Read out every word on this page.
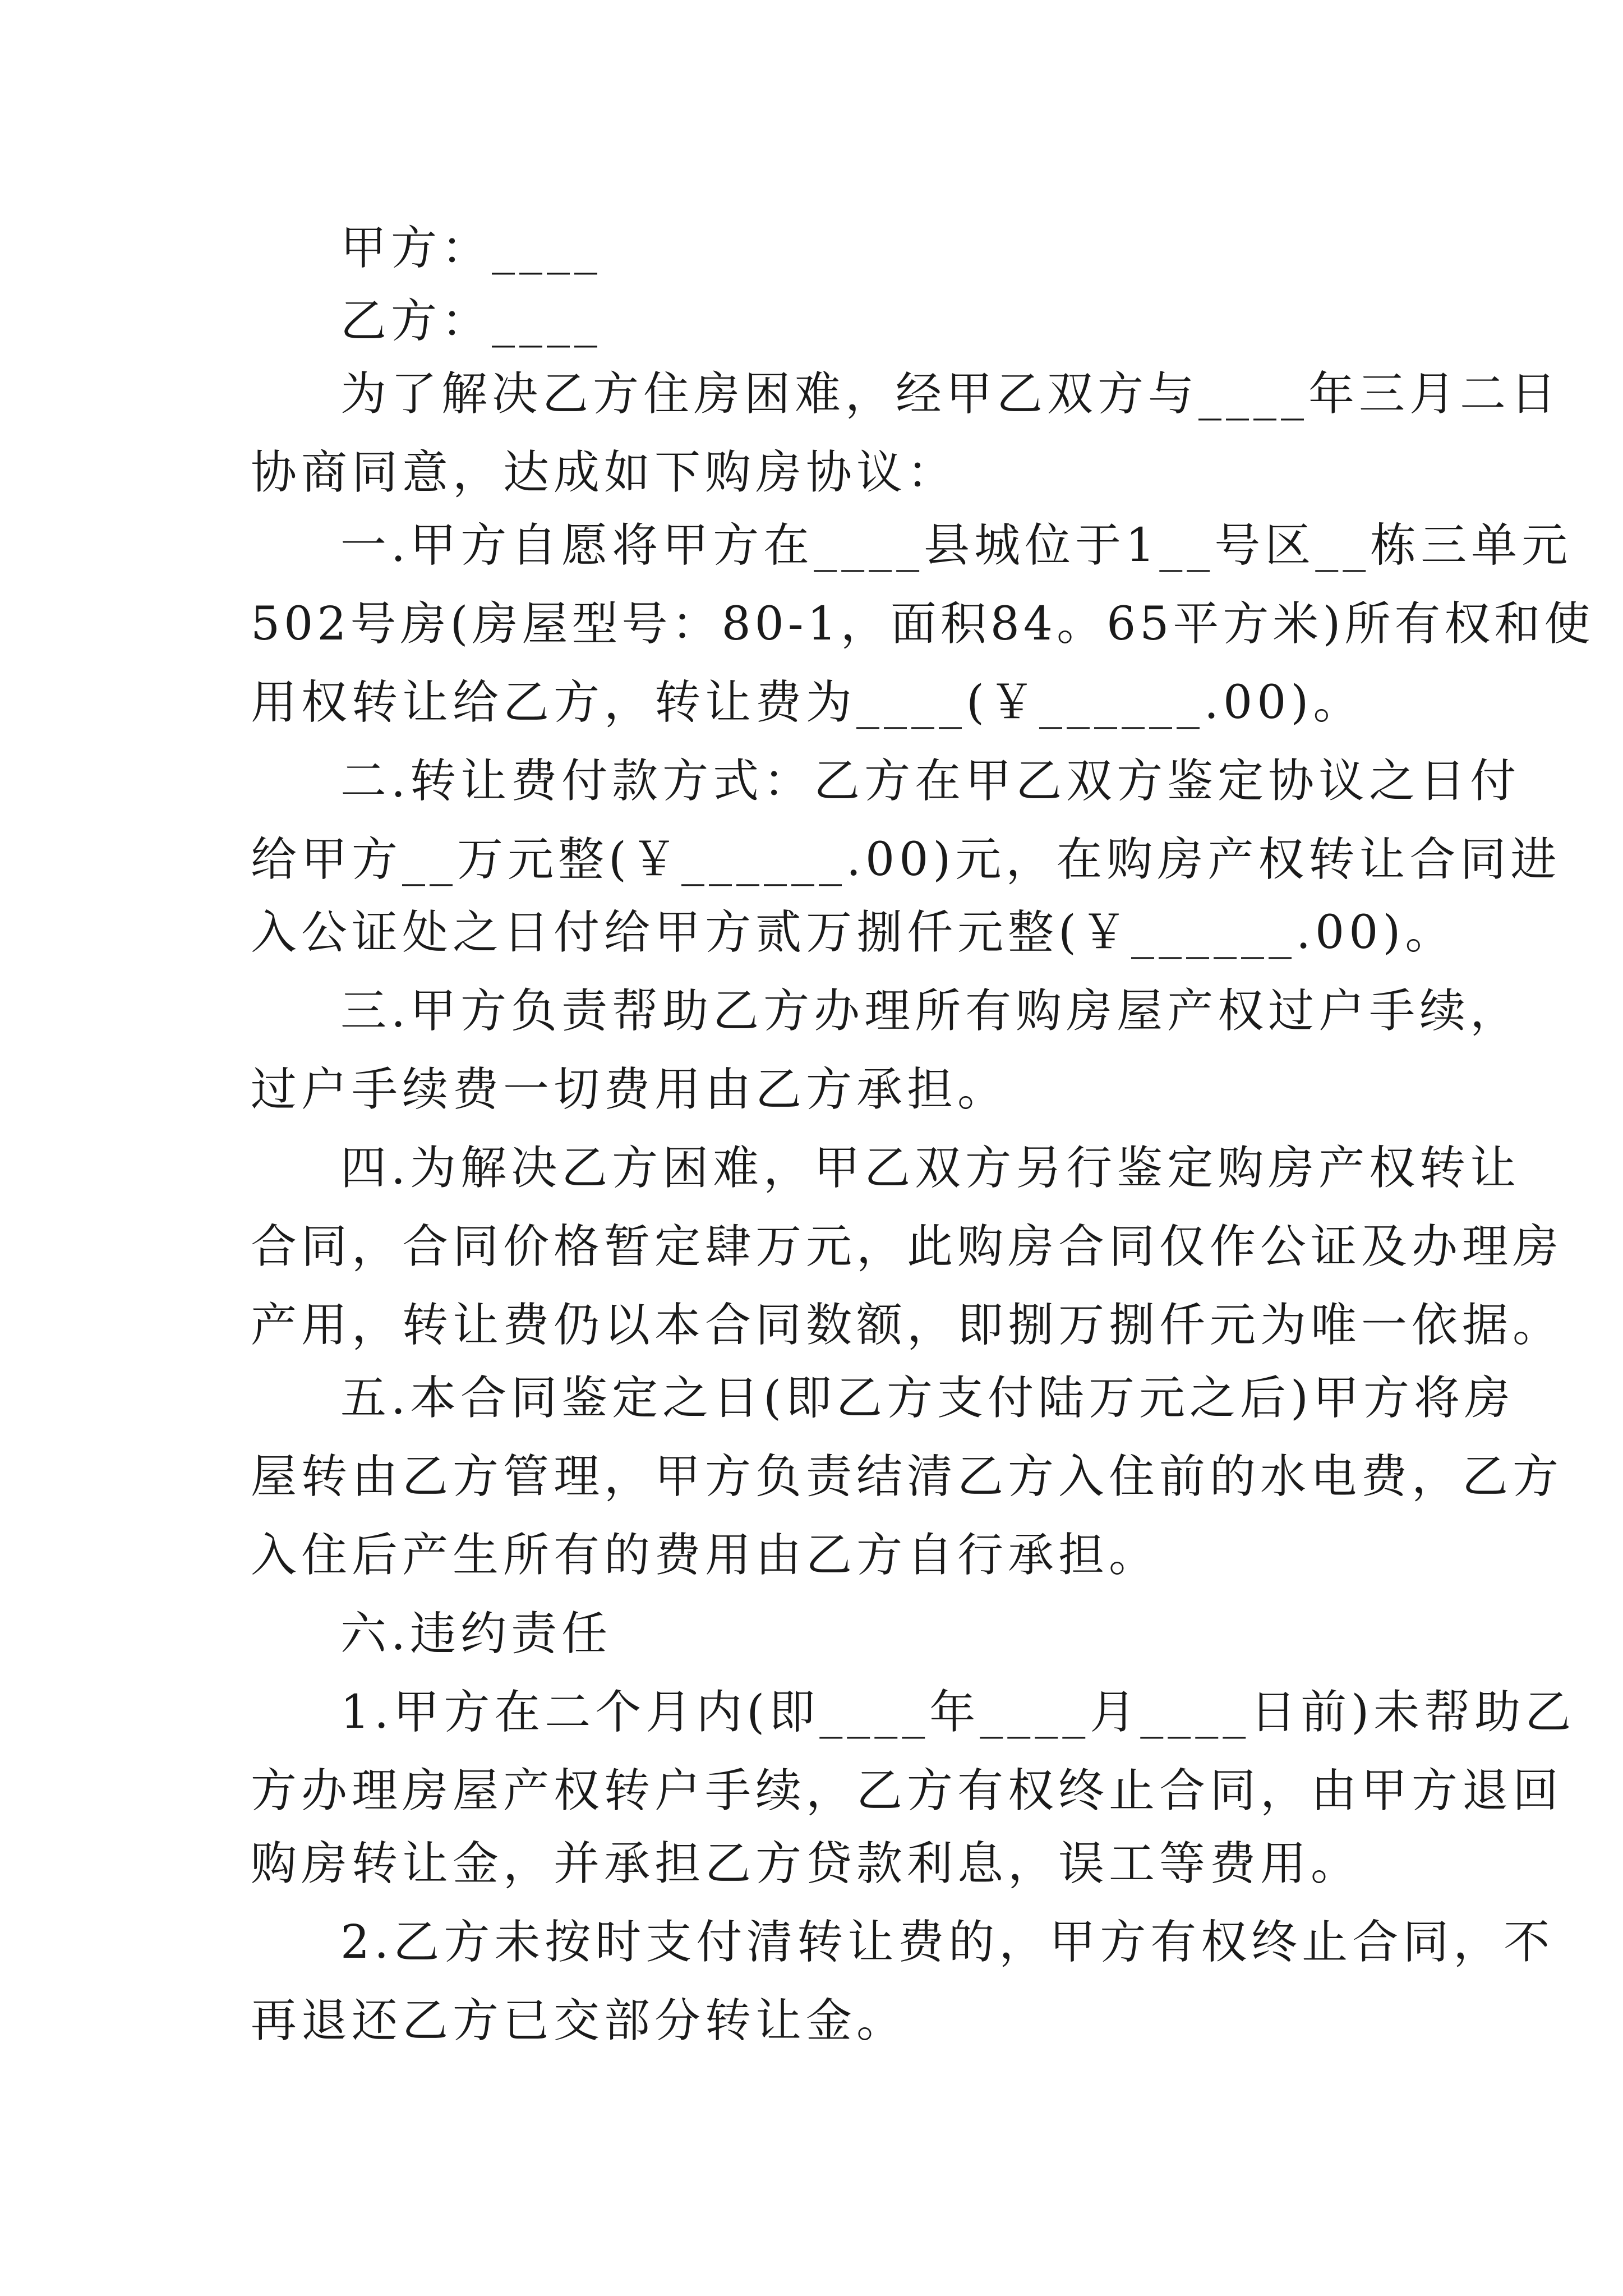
甲方：____
乙方：____
为了解决乙方住房困难，经甲乙双方与____年三月二日
协商同意，达成如下购房协议：
一.甲方自愿将甲方在____县城位于1__号区__栋三单元
502号房(房屋型号：80-1，面积84。65平方米)所有权和使
用权转让给乙方，转让费为____(￥______.00)。
二.转让费付款方式：乙方在甲乙双方鉴定协议之日付
给甲方__万元整(￥______.00)元，在购房产权转让合同进
入公证处之日付给甲方贰万捌仟元整(￥______.00)。
三.甲方负责帮助乙方办理所有购房屋产权过户手续，
过户手续费一切费用由乙方承担。
四.为解决乙方困难，甲乙双方另行鉴定购房产权转让
合同，合同价格暂定肆万元，此购房合同仅作公证及办理房
产用，转让费仍以本合同数额，即捌万捌仟元为唯一依据。
五.本合同鉴定之日(即乙方支付陆万元之后)甲方将房
屋转由乙方管理，甲方负责结清乙方入住前的水电费，乙方
入住后产生所有的费用由乙方自行承担。
六.违约责任
1.甲方在二个月内(即____年____月____日前)未帮助乙
方办理房屋产权转户手续，乙方有权终止合同，由甲方退回
购房转让金，并承担乙方贷款利息，误工等费用。
2.乙方未按时支付清转让费的，甲方有权终止合同，不
再退还乙方已交部分转让金。
